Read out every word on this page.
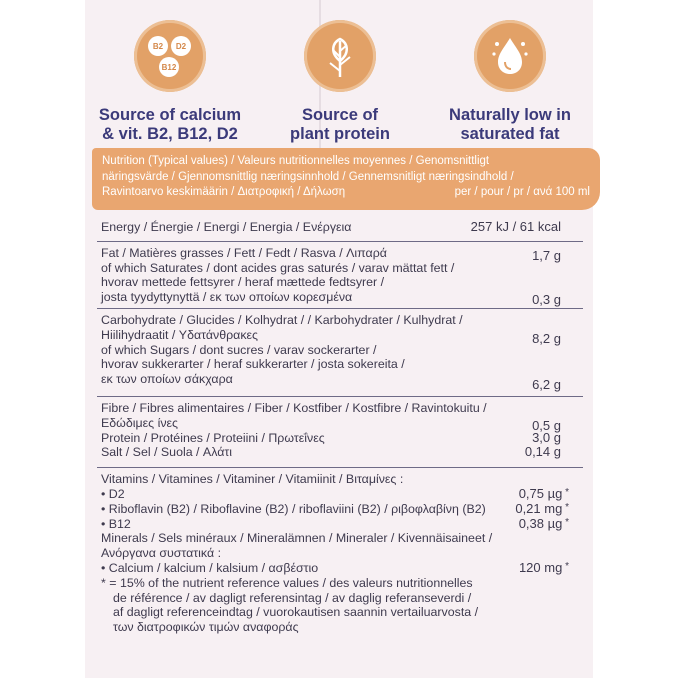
B2	D2
B12
Source of calcium
& vit. B2, B12, D2
Source of
plant protein
Naturally low in
saturated fat
Nutrition (Typical values) / Valeurs nutritionnelles moyennes / Genomsnittligt
näringsvärde / Gjennomsnittlig næringsinnhold / Gennemsnitligt næringsindhold /
Ravintoarvo keskimäärin / Διατροφική / Δήλωση	per / pour / pr / ανά 100 ml
Energy / Énergie / Energi / Energia / Ενέργεια	257 kJ / 61 kcal
Fat / Matières grasses / Fett / Fedt / Rasva / Λιπαρά	1,7 g
of which Saturates / dont acides gras saturés / varav mättat fett /
hvorav mettede fettsyrer / heraf mættede fedtsyrer /
josta tyydyttynyttä / εκ των οποίων κορεσμένα	0,3 g
Carbohydrate / Glucides / Kolhydrat / / Karbohydrater / Kulhydrat /
Hiilihydraatit / Υδατάνθρακες	8,2 g
of which Sugars / dont sucres / varav sockerarter /
hvorav sukkerarter / heraf sukkerarter / josta sokereita /
εκ των οποίων σάκχαρα	6,2 g
Fibre / Fibres alimentaires / Fiber / Kostfiber / Kostfibre / Ravintokuitu /
Εδώδιμες ίνες	0,5 g
Protein / Protéines / Proteiini / Πρωτεΐνες	3,0 g
Salt / Sel / Suola / Αλάτι	0,14 g
Vitamins / Vitamines / Vitaminer / Vitamiinit / Βιταμίνες :
• D2	0,75 µg *
• Riboflavin (B2) / Riboflavine (B2) / riboflaviini (B2) / ριβοφλαβίνη (B2) 0,21 mg *
• B12	0,38 µg *
Minerals / Sels minéraux / Mineralämnen / Mineraler / Kivennäisaineet /
Ανόργανα συστατικά :
• Calcium / kalcium / kalsium / ασβέστιο	120 mg *
* = 15% of the nutrient reference values / des valeurs nutritionnelles
de référence / av dagligt referensintag / av daglig referanseverdi /
af dagligt referenceindtag / vuorokautisen saannin vertailuarvosta /
των διατροφικών τιμών αναφοράς
